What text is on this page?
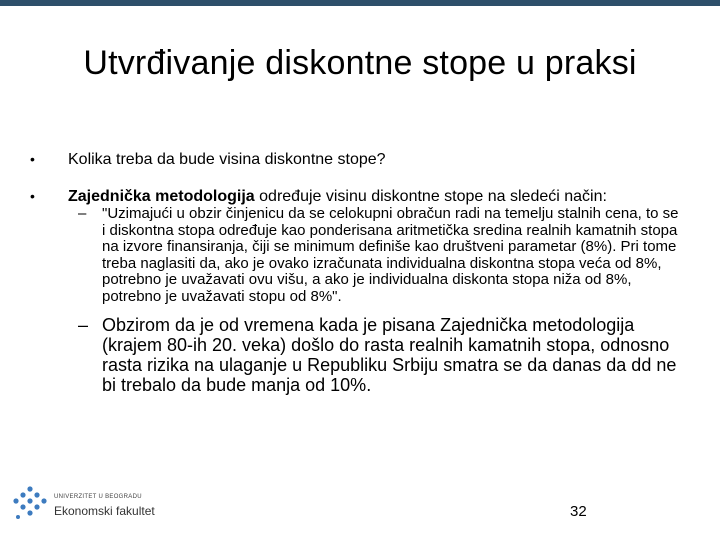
Utvrđivanje diskontne stope u praksi
• Kolika treba da bude visina diskontne stope?
• Zajednička metodologija određuje visinu diskontne stope na sledeći način:
– "Uzimajući u obzir činjenicu da se celokupni obračun radi na temelju stalnih cena, to se i diskontna stopa određuje kao ponderisana aritmetička sredina realnih kamatnih stopa na izvore finansiranja, čiji se minimum definiše kao društveni parametar (8%). Pri tome treba naglasiti da, ako je ovako izračunata individualna diskontna stopa veća od 8%, potrebno je uvažavati ovu višu, a ako je individualna diskonta stopa niža od 8%, potrebno je uvažavati stopu od 8%".
– Obzirom da je od vremena kada je pisana Zajednička metodologija (krajem 80-ih 20. veka) došlo do rasta realnih kamatnih stopa, odnosno rasta rizika na ulaganje u Republiku Srbiju smatra se da danas da dd ne bi trebalo da bude manja od 10%.
UNIVERZITET U BEOGRADU
Ekonomski fakultet	32
